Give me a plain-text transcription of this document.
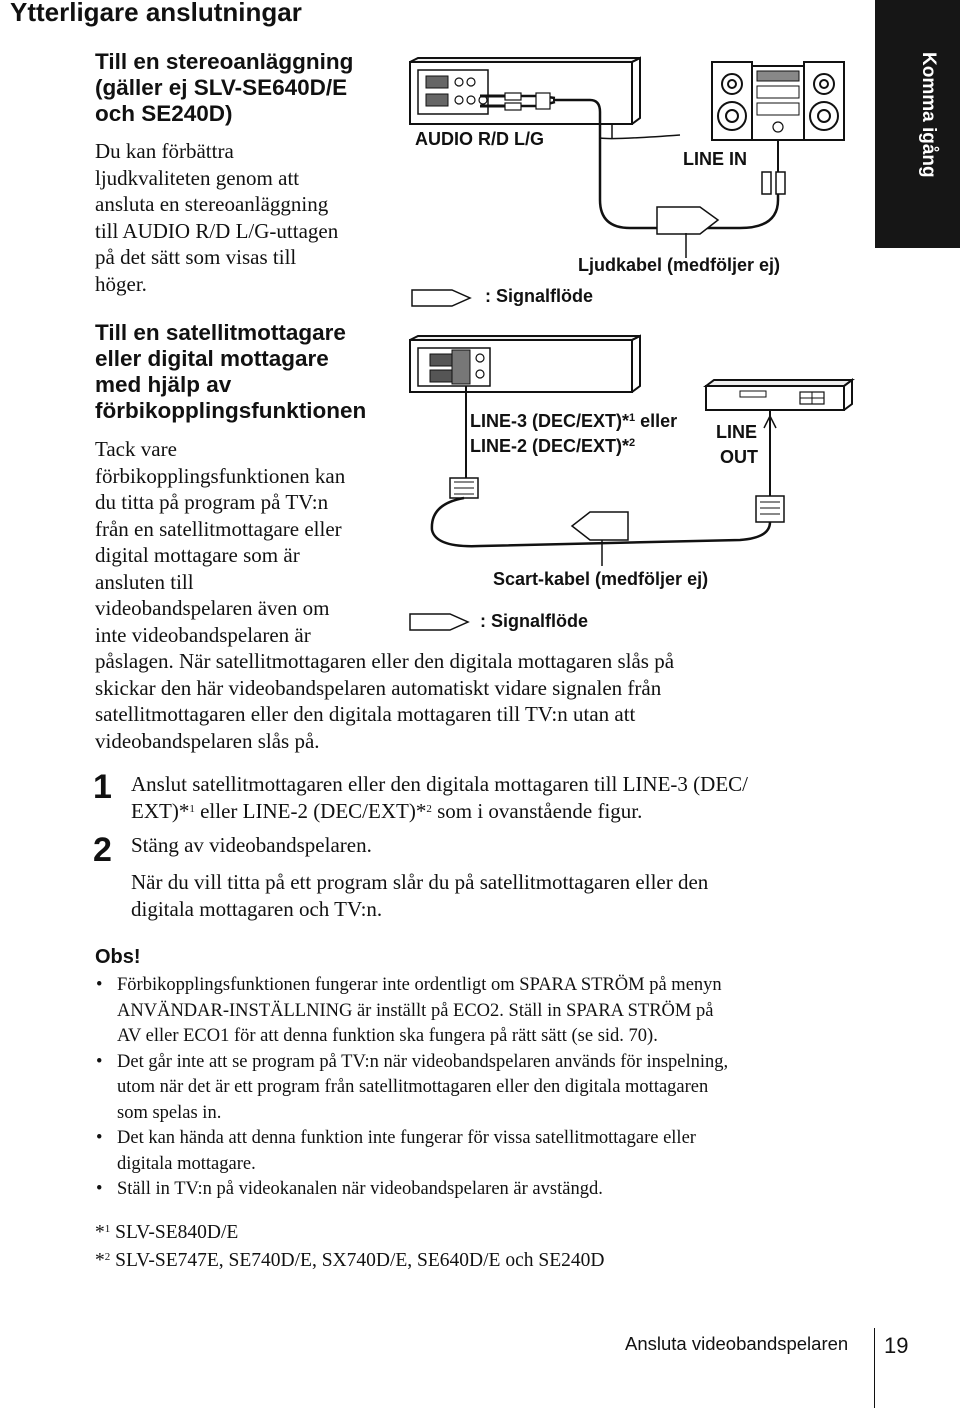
Ytterligare anslutningar
Komma igång
Till en stereoanläggning
(gäller ej SLV-SE640D/E
och SE240D)
Du kan förbättra
ljudkvaliteten genom att
ansluta en stereoanläggning
till AUDIO R/D L/G-uttagen
på det sätt som visas till
höger.
AUDIO R/D L/G
LINE IN
Ljudkabel (medföljer ej)
: Signalflöde
LINE-3 (DEC/EXT)*$^1$ eller
LINE-2 (DEC/EXT)*$^2$
LINE
OUT
Scart-kabel (medföljer ej)
: Signalflöde
Till en satellitmottagare
eller digital mottagare
med hjälp av
förbikopplingsfunktionen
Tack vare
förbikopplingsfunktionen kan
du titta på program på TV:n
från en satellitmottagare eller
digital mottagare som är
ansluten till
videobandspelaren även om
inte videobandspelaren är
påslagen. När satellitmottagaren eller den digitala mottagaren slås på
skickar den här videobandspelaren automatiskt vidare signalen från
satellitmottagaren eller den digitala mottagaren till TV:n utan att
videobandspelaren slås på.
1 Anslut satellitmottagaren eller den digitala mottagaren till LINE-3 (DEC/
EXT)*$^1$ eller LINE-2 (DEC/EXT)*$^2$ som i ovanstående figur.
2 Stäng av videobandspelaren.
När du vill titta på ett program slår du på satellitmottagaren eller den
digitala mottagaren och TV:n.
Obs!
• Förbikopplingsfunktionen fungerar inte ordentligt om SPARA STRÖM på menyn
ANVÄNDAR-INSTÄLLNING är inställt på ECO2. Ställ in SPARA STRÖM på
AV eller ECO1 för att denna funktion ska fungera på rätt sätt (se sid. 70).
• Det går inte att se program på TV:n när videobandspelaren används för inspelning,
utom när det är ett program från satellitmottagaren eller den digitala mottagaren
som spelas in.
• Det kan hända att denna funktion inte fungerar för vissa satellitmottagare eller
digitala mottagare.
• Ställ in TV:n på videokanalen när videobandspelaren är avstängd.
*$^1$ SLV-SE840D/E
*$^2$ SLV-SE747E, SE740D/E, SX740D/E, SE640D/E och SE240D
Ansluta videobandspelaren 19
